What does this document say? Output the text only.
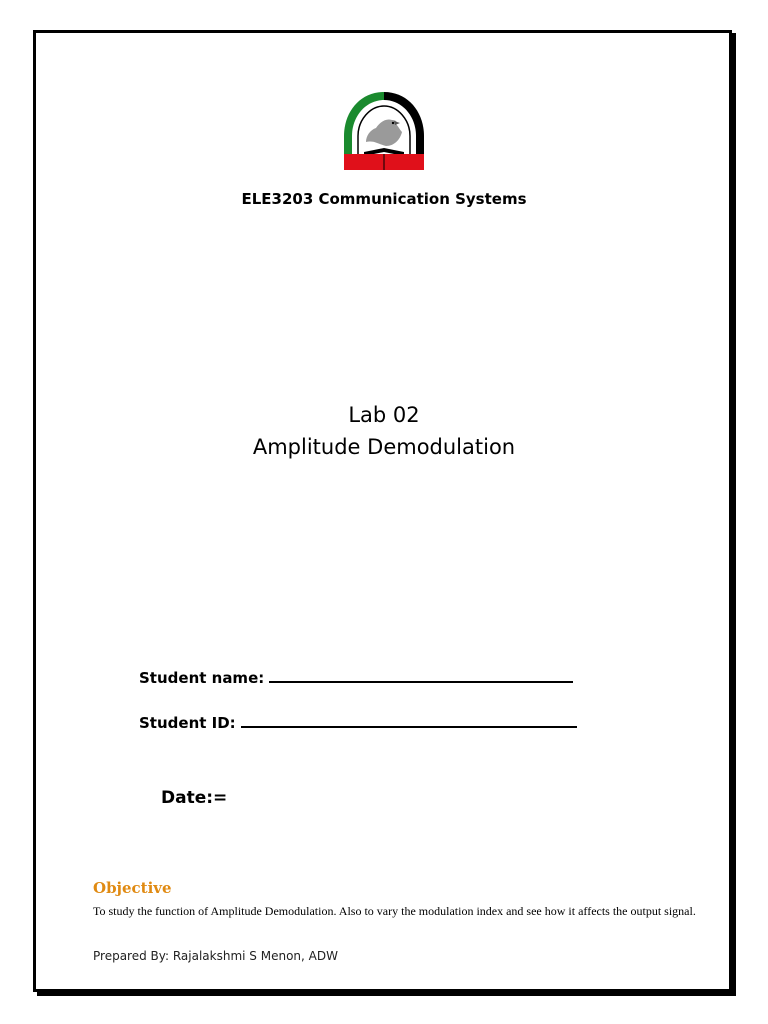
ELE3203 Communication Systems
Lab 02
Amplitude Demodulation
Student name:
Student ID:
Date:=
Objective
To study the function of Amplitude Demodulation. Also to vary the modulation index and see how it affects the output signal.
Prepared By: Rajalakshmi S Menon, ADW
